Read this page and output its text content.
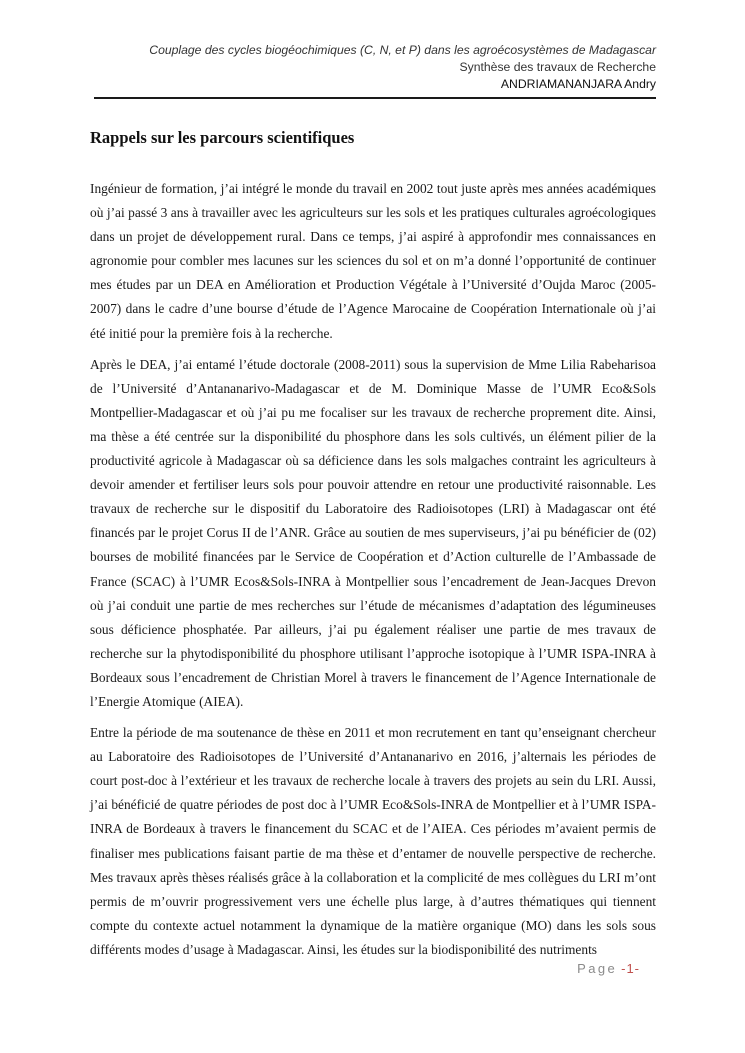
Couplage des cycles biogéochimiques (C, N, et P) dans les agroécosystèmes de Madagascar
Synthèse des travaux de Recherche
ANDRIAMANANJARA Andry
Rappels sur les parcours scientifiques

Ingénieur de formation, j’ai intégré le monde du travail en 2002 tout juste après mes années académiques où j’ai passé 3 ans à travailler avec les agriculteurs sur les sols et les pratiques culturales agroécologiques dans un projet de développement rural. Dans ce temps, j’ai aspiré à approfondir mes connaissances en agronomie pour combler mes lacunes sur les sciences du sol et on m’a donné l’opportunité de continuer mes études par un DEA en Amélioration et Production Végétale à l’Université d’Oujda Maroc (2005-2007) dans le cadre d’une bourse d’étude de l’Agence Marocaine de Coopération Internationale où j’ai été initié pour la première fois à la recherche.

Après le DEA, j’ai entamé l’étude doctorale (2008-2011) sous la supervision de Mme Lilia Rabeharisoa de l’Université d’Antananarivo-Madagascar et de M. Dominique Masse de l’UMR Eco&Sols Montpellier-Madagascar et où j’ai pu me focaliser sur les travaux de recherche proprement dite. Ainsi, ma thèse a été centrée sur la disponibilité du phosphore dans les sols cultivés, un élément pilier de la productivité agricole à Madagascar où sa déficience dans les sols malgaches contraint les agriculteurs à devoir amender et fertiliser leurs sols pour pouvoir attendre en retour une productivité raisonnable. Les travaux de recherche sur le dispositif du Laboratoire des Radioisotopes (LRI) à Madagascar ont été financés par le projet Corus II de l’ANR. Grâce au soutien de mes superviseurs, j’ai pu bénéficier de (02) bourses de mobilité financées par le Service de Coopération et d’Action culturelle de l’Ambassade de France (SCAC) à l’UMR Ecos&Sols-INRA à Montpellier sous l’encadrement de Jean-Jacques Drevon où j’ai conduit une partie de mes recherches sur l’étude de mécanismes d’adaptation des légumineuses sous déficience phosphatée. Par ailleurs, j’ai pu également réaliser une partie de mes travaux de recherche sur la phytodisponibilité du phosphore utilisant l’approche isotopique à l’UMR ISPA-INRA à Bordeaux sous l’encadrement de Christian Morel à travers le financement de l’Agence Internationale de l’Energie Atomique (AIEA).

Entre la période de ma soutenance de thèse en 2011 et mon recrutement en tant qu’enseignant chercheur au Laboratoire des Radioisotopes de l’Université d’Antananarivo en 2016, j’alternais les périodes de court post-doc à l’extérieur et les travaux de recherche locale à travers des projets au sein du LRI. Aussi, j’ai bénéficié de quatre périodes de post doc à l’UMR Eco&Sols-INRA de Montpellier et à l’UMR ISPA-INRA de Bordeaux à travers le financement du SCAC et de l’AIEA. Ces périodes m’avaient permis de finaliser mes publications faisant partie de ma thèse et d’entamer de nouvelle perspective de recherche. Mes travaux après thèses réalisés grâce à la collaboration et la complicité de mes collègues du LRI m’ont permis de m’ouvrir progressivement vers une échelle plus large, à d’autres thématiques qui tiennent compte du contexte actuel notamment la dynamique de la matière organique (MO) dans les sols sous différents modes d’usage à Madagascar. Ainsi, les études sur la biodisponibilité des nutriments

Page -1-
